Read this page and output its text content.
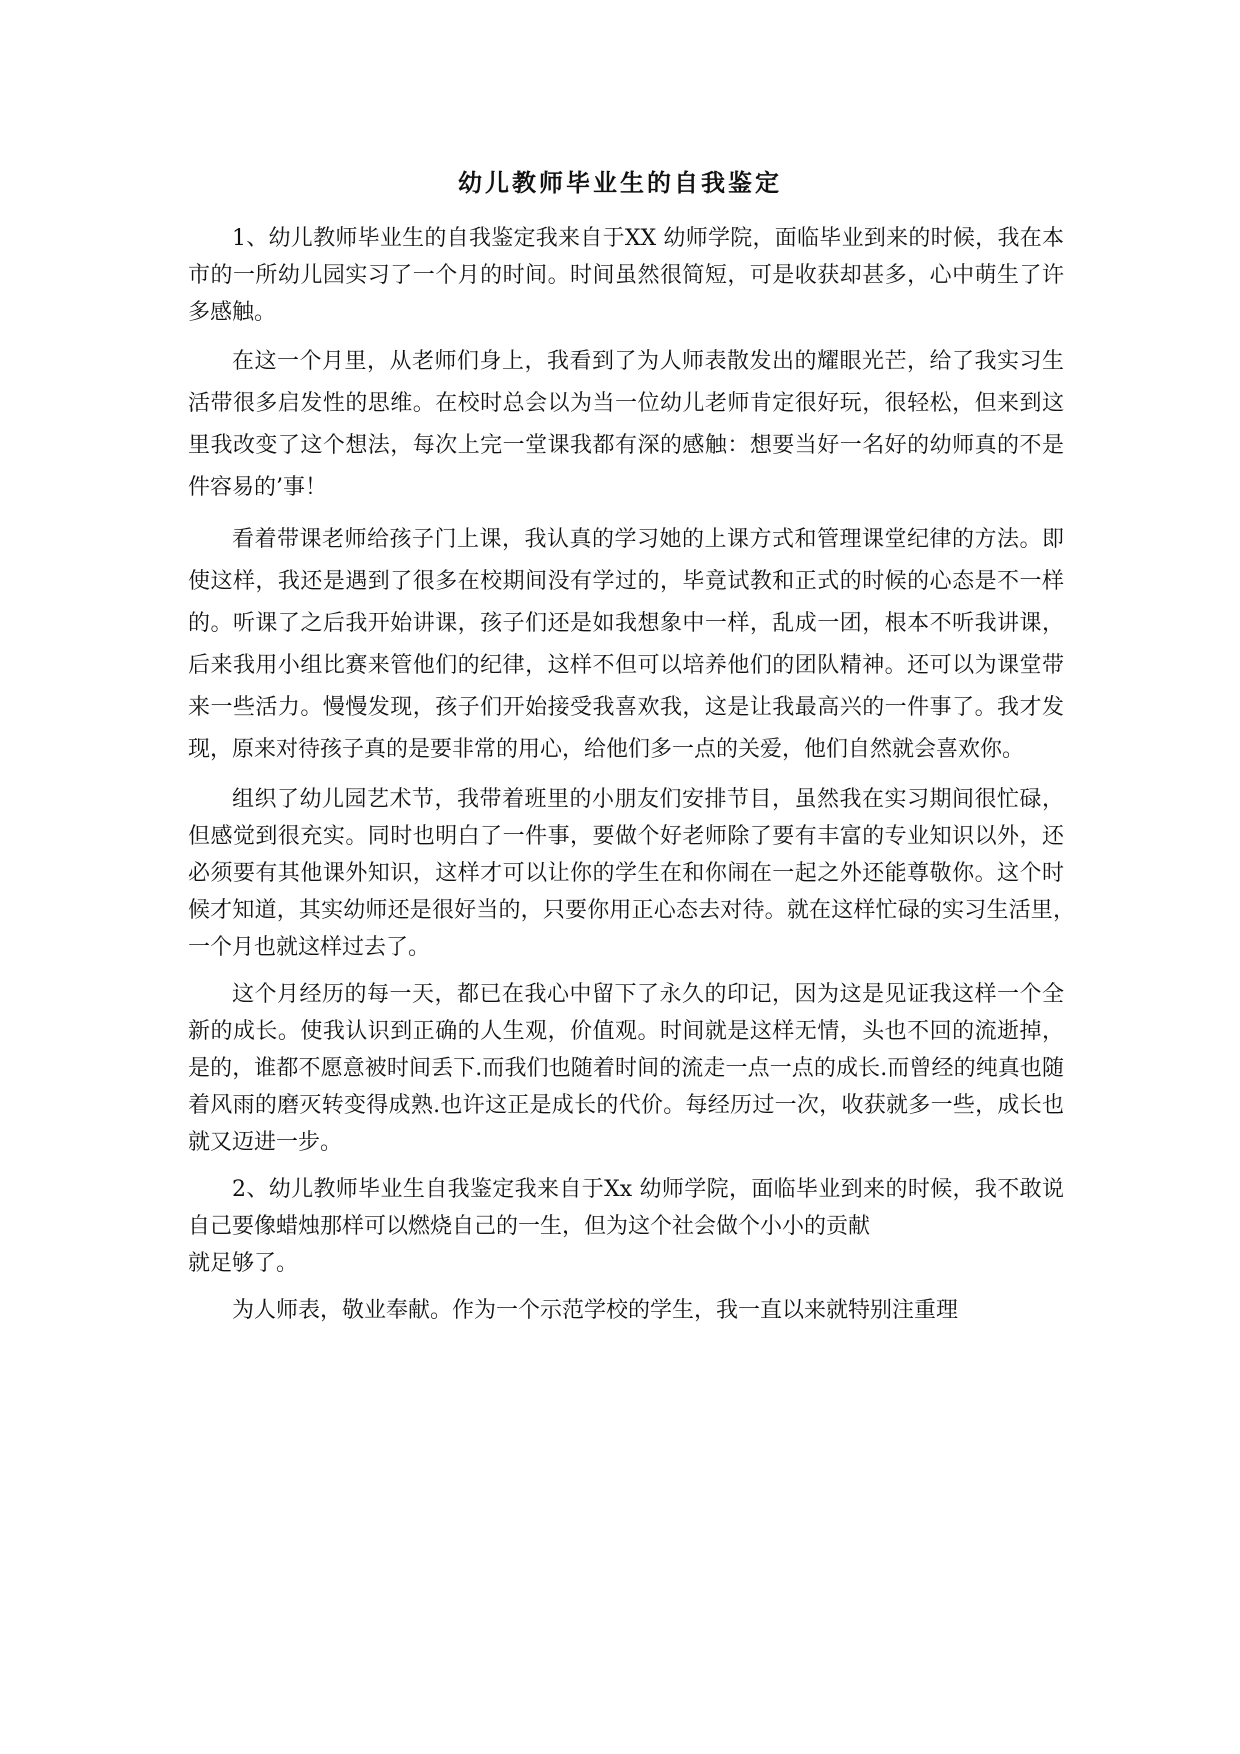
幼儿教师毕业生的自我鉴定

1、幼儿教师毕业生的自我鉴定我来自于XX 幼师学院，面临毕业到来的时候，我在本市的一所幼儿园实习了一个月的时间。时间虽然很简短，可是收获却甚多，心中萌生了许多感触。

在这一个月里，从老师们身上，我看到了为人师表散发出的耀眼光芒，给了我实习生活带很多启发性的思维。在校时总会以为当一位幼儿老师肯定很好玩，很轻松，但来到这里我改变了这个想法，每次上完一堂课我都有深的感触：想要当好一名好的幼师真的不是件容易的’事！

看着带课老师给孩子门上课，我认真的学习她的上课方式和管理课堂纪律的方法。即使这样，我还是遇到了很多在校期间没有学过的，毕竟试教和正式的时候的心态是不一样的。听课了之后我开始讲课，孩子们还是如我想象中一样，乱成一团，根本不听我讲课，后来我用小组比赛来管他们的纪律，这样不但可以培养他们的团队精神。还可以为课堂带来一些活力。慢慢发现，孩子们开始接受我喜欢我，这是让我最高兴的一件事了。我才发现，原来对待孩子真的是要非常的用心，给他们多一点的关爱，他们自然就会喜欢你。

组织了幼儿园艺术节，我带着班里的小朋友们安排节目，虽然我在实习期间很忙碌，但感觉到很充实。同时也明白了一件事，要做个好老师除了要有丰富的专业知识以外，还必须要有其他课外知识，这样才可以让你的学生在和你闹在一起之外还能尊敬你。这个时候才知道，其实幼师还是很好当的，只要你用正心态去对待。就在这样忙碌的实习生活里，　一个月也就这样过去了。

这个月经历的每一天，都已在我心中留下了永久的印记，因为这是见证我这样一个全新的成长。使我认识到正确的人生观，价值观。时间就是这样无情，头也不回的流逝掉，是的，谁都不愿意被时间丢下.而我们也随着时间的流走一点一点的成长.而曾经的纯真也随着风雨的磨灭转变得成熟.也许这正是成长的代价。每经历过一次，收获就多一些，成长也就又迈进一步。

2、幼儿教师毕业生自我鉴定我来自于Xx 幼师学院，面临毕业到来的时候，我不敢说自己要像蜡烛那样可以燃烧自己的一生，但为这个社会做个小小的贡献

就足够了。

为人师表，敬业奉献。作为一个示范学校的学生，我一直以来就特别注重理
